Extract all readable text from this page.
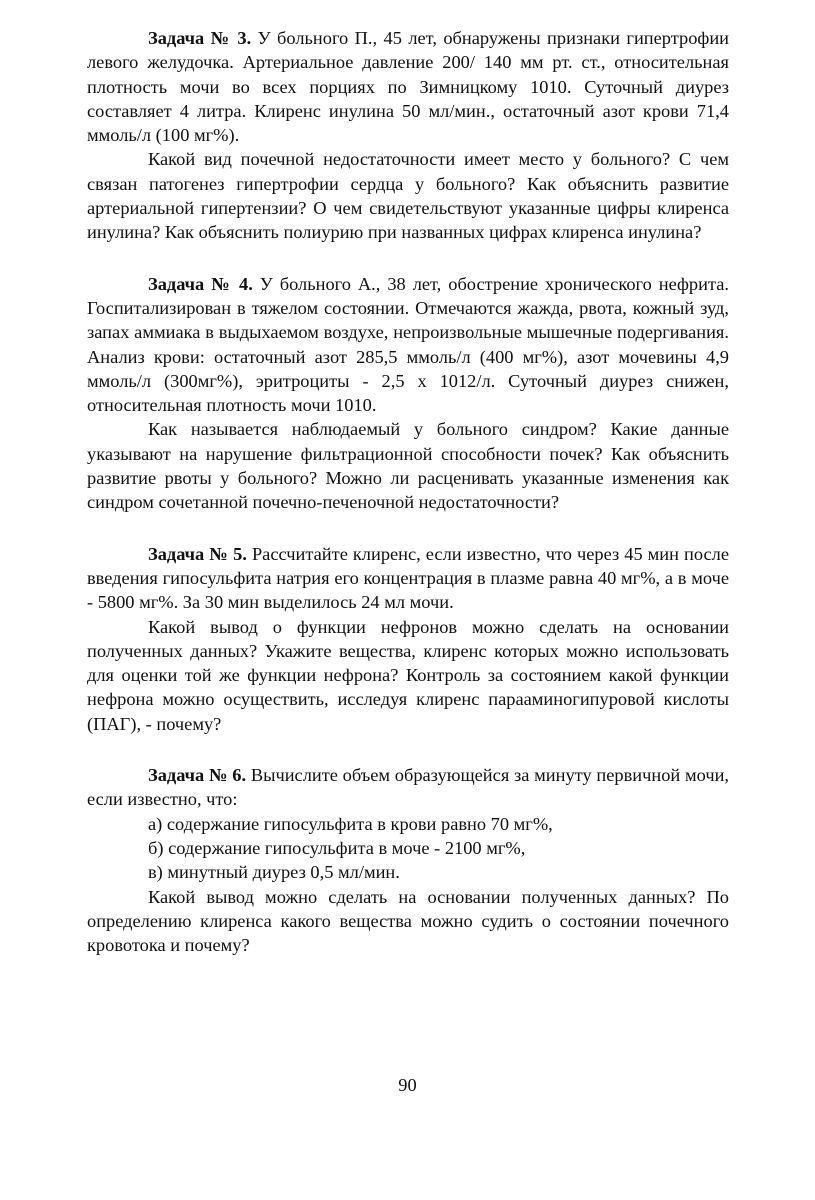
Задача № 3. У больного П., 45 лет, обнаружены признаки гипертрофии левого желудочка. Артериальное давление 200/ 140 мм рт. ст., относительная плотность мочи во всех порциях по Зимницкому 1010. Суточный диурез составляет 4 литра. Клиренс инулина 50 мл/мин., остаточный азот крови 71,4 ммоль/л (100 мг%).

Какой вид почечной недостаточности имеет место у больного? С чем связан патогенез гипертрофии сердца у больного? Как объяснить развитие артериальной гипертензии? О чем свидетельствуют указанные цифры клиренса инулина? Как объяснить полиурию при названных цифрах клиренса инулина?

Задача № 4. У больного А., 38 лет, обострение хронического нефрита. Госпитализирован в тяжелом состоянии. Отмечаются жажда, рвота, кожный зуд, запах аммиака в выдыхаемом воздухе, непроизвольные мышечные подергивания. Анализ крови: остаточный азот 285,5 ммоль/л (400 мг%), азот мочевины 4,9 ммоль/л (300мг%), эритроциты - 2,5 х 1012/л. Суточный диурез снижен, относительная плотность мочи 1010.

Как называется наблюдаемый у больного синдром? Какие данные указывают на нарушение фильтрационной способности почек? Как объяснить развитие рвоты у больного? Можно ли расценивать указанные изменения как синдром сочетанной почечно-печеночной недостаточности?

Задача № 5. Рассчитайте клиренс, если известно, что через 45 мин после введения гипосульфита натрия его концентрация в плазме равна 40 мг%, а в моче - 5800 мг%. За 30 мин выделилось 24 мл мочи.

Какой вывод о функции нефронов можно сделать на основании полученных данных? Укажите вещества, клиренс которых можно использовать для оценки той же функции нефрона? Контроль за состоянием какой функции нефрона можно осуществить, исследуя клиренс парааминогипуровой кислоты (ПАГ), - почему?

Задача № 6. Вычислите объем образующейся за минуту первичной мочи, если известно, что:

а) содержание гипосульфита в крови равно 70 мг%,

б) содержание гипосульфита в моче - 2100 мг%,

в) минутный диурез 0,5 мл/мин.

Какой вывод можно сделать на основании полученных данных? По определению клиренса какого вещества можно судить о состоянии почечного кровотока и почему?

90
